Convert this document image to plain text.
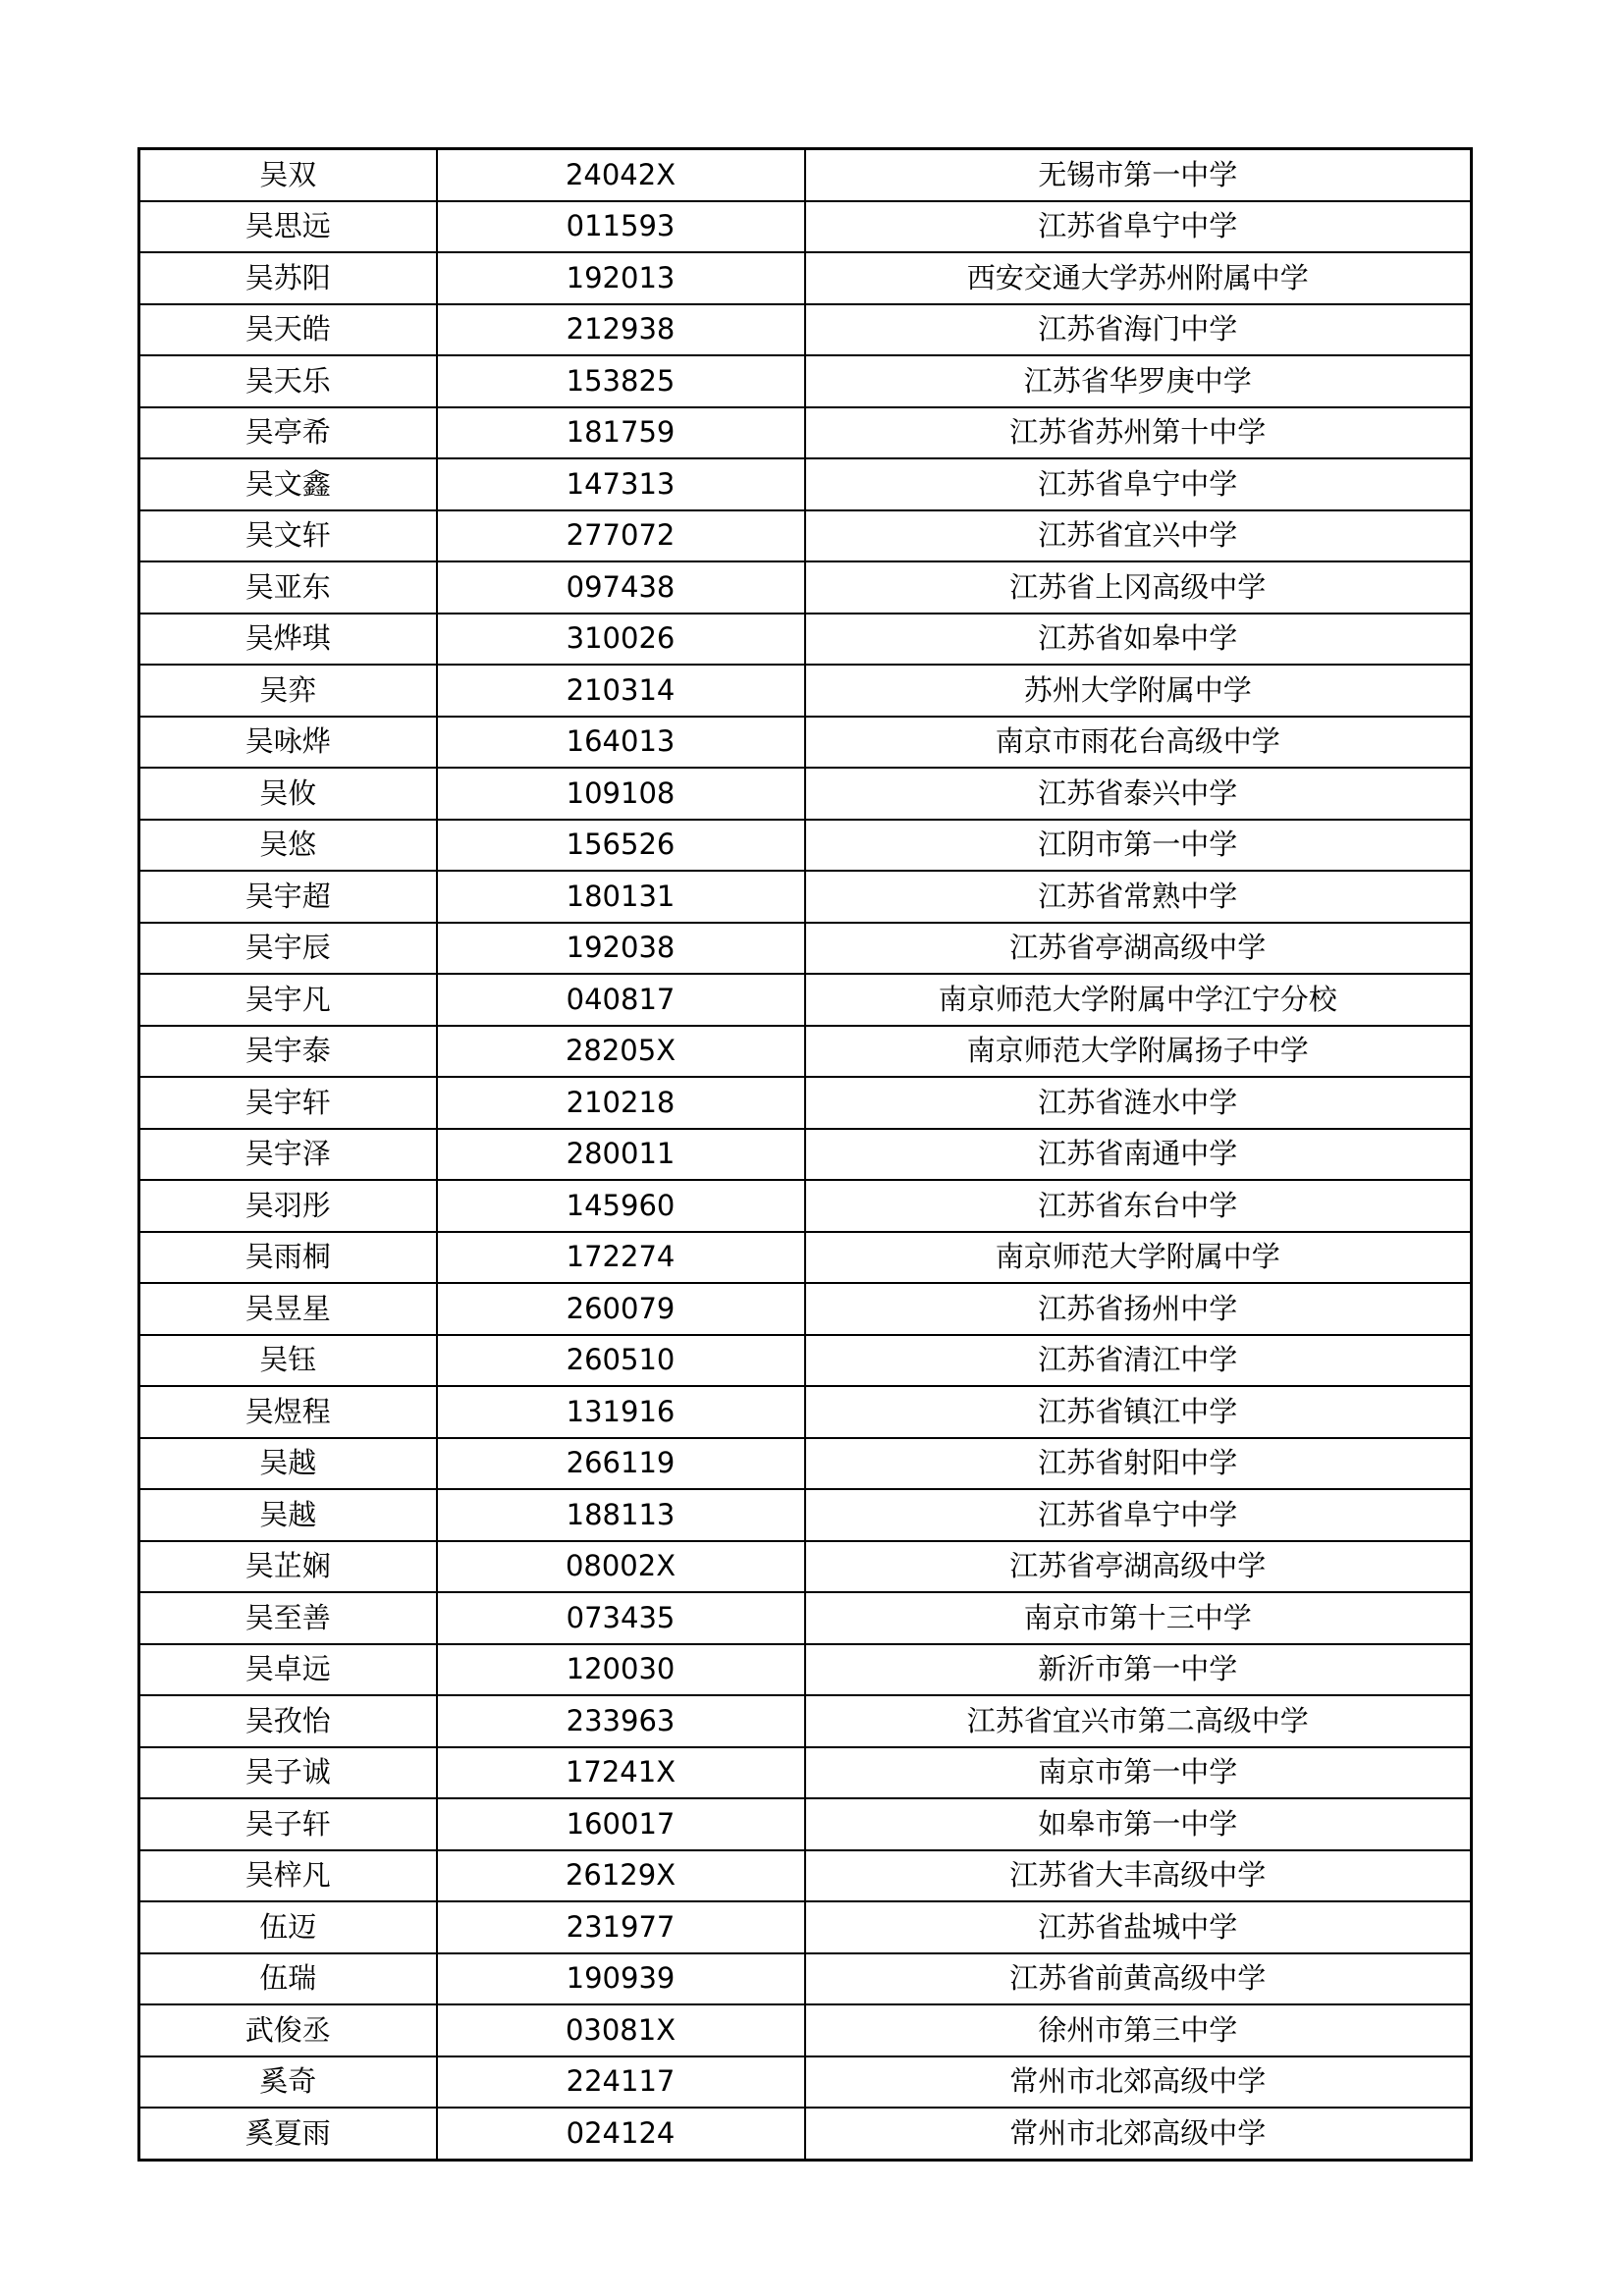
吴双	24042X	无锡市第一中学
吴思远	011593	江苏省阜宁中学
吴苏阳	192013	西安交通大学苏州附属中学
吴天皓	212938	江苏省海门中学
吴天乐	153825	江苏省华罗庚中学
吴亭希	181759	江苏省苏州第十中学
吴文鑫	147313	江苏省阜宁中学
吴文轩	277072	江苏省宜兴中学
吴亚东	097438	江苏省上冈高级中学
吴烨琪	310026	江苏省如皋中学
吴弈	210314	苏州大学附属中学
吴咏烨	164013	南京市雨花台高级中学
吴攸	109108	江苏省泰兴中学
吴悠	156526	江阴市第一中学
吴宇超	180131	江苏省常熟中学
吴宇辰	192038	江苏省亭湖高级中学
吴宇凡	040817	南京师范大学附属中学江宁分校
吴宇泰	28205X	南京师范大学附属扬子中学
吴宇轩	210218	江苏省涟水中学
吴宇泽	280011	江苏省南通中学
吴羽彤	145960	江苏省东台中学
吴雨桐	172274	南京师范大学附属中学
吴昱星	260079	江苏省扬州中学
吴钰	260510	江苏省清江中学
吴煜程	131916	江苏省镇江中学
吴越	266119	江苏省射阳中学
吴越	188113	江苏省阜宁中学
吴芷娴	08002X	江苏省亭湖高级中学
吴至善	073435	南京市第十三中学
吴卓远	120030	新沂市第一中学
吴孜怡	233963	江苏省宜兴市第二高级中学
吴子诚	17241X	南京市第一中学
吴子轩	160017	如皋市第一中学
吴梓凡	26129X	江苏省大丰高级中学
伍迈	231977	江苏省盐城中学
伍瑞	190939	江苏省前黄高级中学
武俊丞	03081X	徐州市第三中学
奚奇	224117	常州市北郊高级中学
奚夏雨	024124	常州市北郊高级中学
